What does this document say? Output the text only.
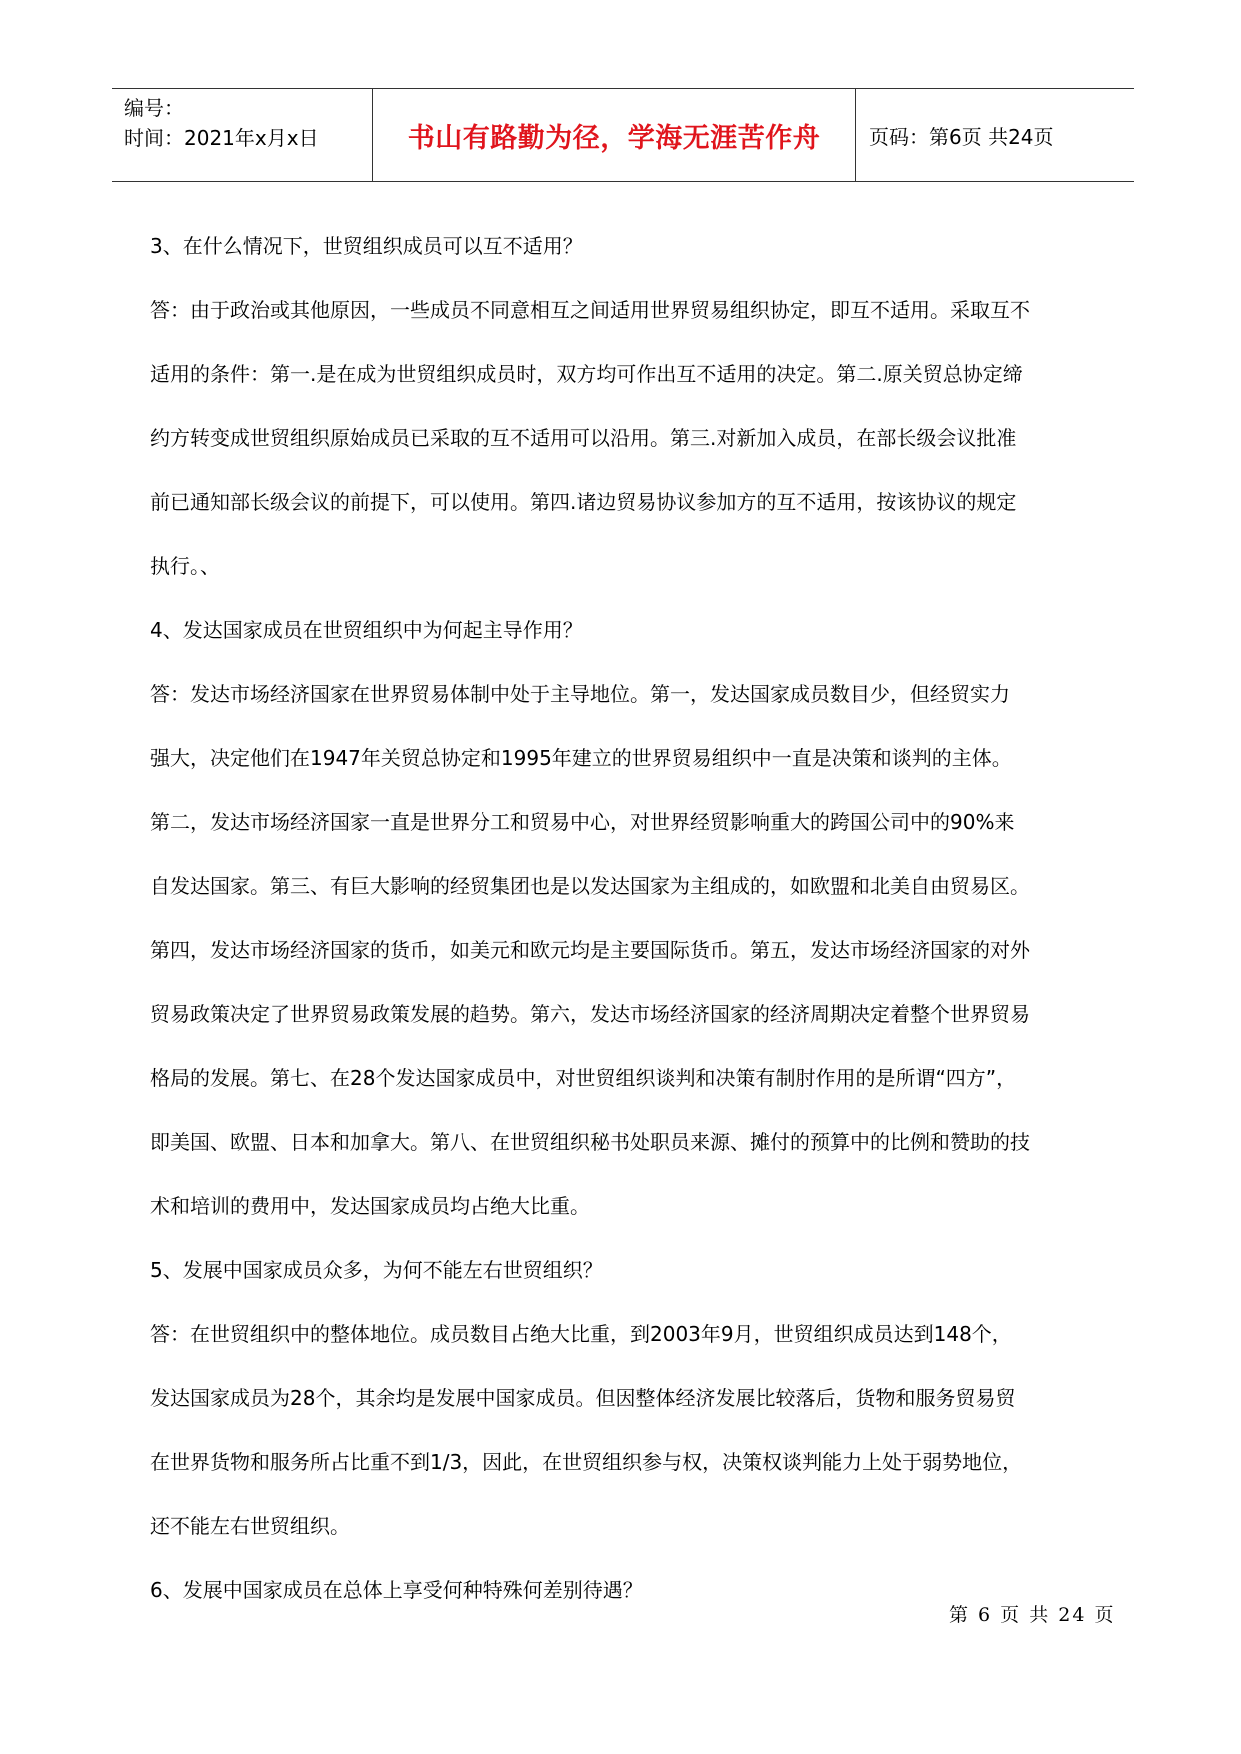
编号：
时间：2021年x月x日	书山有路勤为径，学海无涯苦作舟	页码：第6页 共24页
3、在什么情况下，世贸组织成员可以互不适用？
答：由于政治或其他原因，一些成员不同意相互之间适用世界贸易组织协定，即互不适用。采取互不
适用的条件：第一.是在成为世贸组织成员时，双方均可作出互不适用的决定。第二.原关贸总协定缔
约方转变成世贸组织原始成员已采取的互不适用可以沿用。第三.对新加入成员，在部长级会议批准
前已通知部长级会议的前提下，可以使用。第四.诸边贸易协议参加方的互不适用，按该协议的规定
执行。、
4、发达国家成员在世贸组织中为何起主导作用？
答：发达市场经济国家在世界贸易体制中处于主导地位。第一，发达国家成员数目少，但经贸实力
强大，决定他们在1947年关贸总协定和1995年建立的世界贸易组织中一直是决策和谈判的主体。
第二，发达市场经济国家一直是世界分工和贸易中心，对世界经贸影响重大的跨国公司中的90%来
自发达国家。第三、有巨大影响的经贸集团也是以发达国家为主组成的，如欧盟和北美自由贸易区。
第四，发达市场经济国家的货币，如美元和欧元均是主要国际货币。第五，发达市场经济国家的对外
贸易政策决定了世界贸易政策发展的趋势。第六，发达市场经济国家的经济周期决定着整个世界贸易
格局的发展。第七、在28个发达国家成员中，对世贸组织谈判和决策有制肘作用的是所谓“四方”，
即美国、欧盟、日本和加拿大。第八、在世贸组织秘书处职员来源、摊付的预算中的比例和赞助的技
术和培训的费用中，发达国家成员均占绝大比重。
5、发展中国家成员众多，为何不能左右世贸组织？
答：在世贸组织中的整体地位。成员数目占绝大比重，到2003年9月，世贸组织成员达到148个，
发达国家成员为28个，其余均是发展中国家成员。但因整体经济发展比较落后，货物和服务贸易贸
在世界货物和服务所占比重不到1/3，因此，在世贸组织参与权，决策权谈判能力上处于弱势地位，
还不能左右世贸组织。
6、发展中国家成员在总体上享受何种特殊何差别待遇？
第 6 页 共 24 页
